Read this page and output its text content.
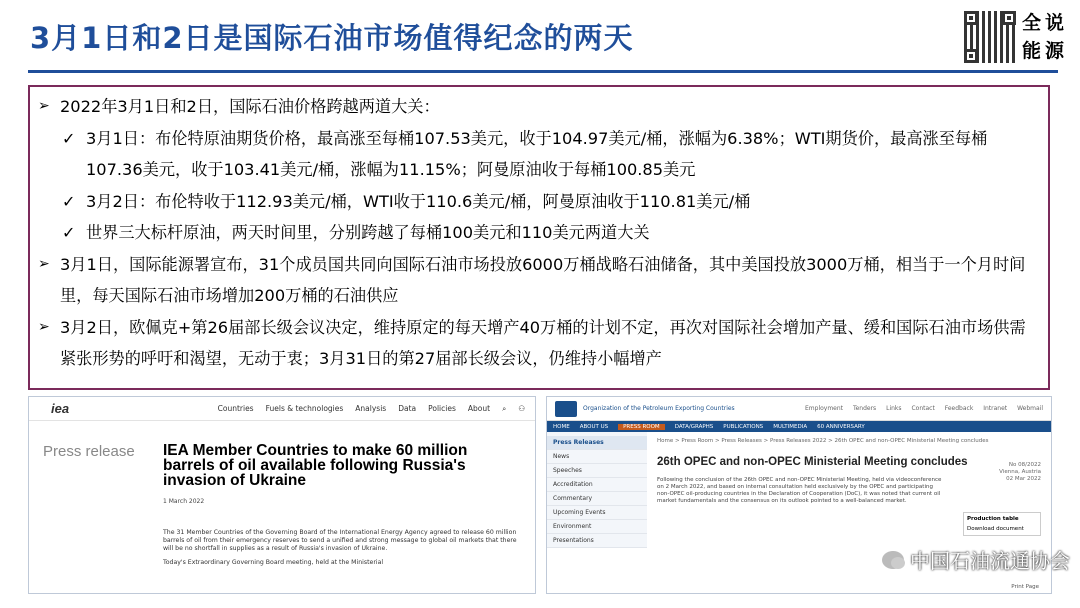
3月1日和2日是国际石油市场值得纪念的两天	全 说
能 源
➢ 2022年3月1日和2日，国际石油价格跨越两道大关：
✓ 3月1日：布伦特原油期货价格，最高涨至每桶107.53美元，收于104.97美元/桶，涨幅为6.38%；WTI期货价，最高涨至每桶107.36美元，收于103.41美元/桶，涨幅为11.15%；阿曼原油收于每桶100.85美元
✓ 3月2日：布伦特收于112.93美元/桶，WTI收于110.6美元/桶，阿曼原油收于110.81美元/桶
✓ 世界三大标杆原油，两天时间里，分别跨越了每桶100美元和110美元两道大关
➢ 3月1日，国际能源署宣布，31个成员国共同向国际石油市场投放6000万桶战略石油储备，其中美国投放3000万桶，相当于一个月时间里，每天国际石油市场增加200万桶的石油供应
➢ 3月2日，欧佩克+第26届部长级会议决定，维持原定的每天增产40万桶的计划不定，再次对国际社会增加产量、缓和国际石油市场供需紧张形势的呼吁和渴望，无动于衷；3月31日的第27届部长级会议，仍维持小幅增产
iea	Countries Fuels & technologies Analysis Data Policies About ⌕ ⚇
Press release	IEA Member Countries to make 60 million barrels of oil available following Russia's invasion of Ukraine
1 March 2022
The 31 Member Countries of the Governing Board of the International Energy Agency agreed to release 60 million barrels of oil from their emergency reserves to send a unified and strong message to global oil markets that there will be no shortfall in supplies as a result of Russia's invasion of Ukraine.
Today's Extraordinary Governing Board meeting, held at the Ministerial
Organization of the Petroleum Exporting Countries	Employment Tenders Links Contact Feedback Intranet Webmail
HOME ABOUT US	PRESS ROOM	DATA/GRAPHS PUBLICATIONS MULTIMEDIA 60 ANNIVERSARY
Press Releases
News
Speeches
Accreditation
Commentary
Upcoming Events
Environment
Presentations
Home > Press Room > Press Releases > Press Releases 2022 > 26th OPEC and non-OPEC Ministerial Meeting concludes
26th OPEC and non-OPEC Ministerial Meeting concludes	No 08/2022
Vienna, Austria
02 Mar 2022
Following the conclusion of the 26th OPEC and non-OPEC Ministerial Meeting, held via videoconference on 2 March 2022, and based on internal consultation held exclusively by the OPEC and participating non-OPEC oil-producing countries in the Declaration of Cooperation (DoC), it was noted that current oil market fundamentals and the consensus on its outlook pointed to a well-balanced market.
Production table
Download document
Print Page
中国石油流通协会
